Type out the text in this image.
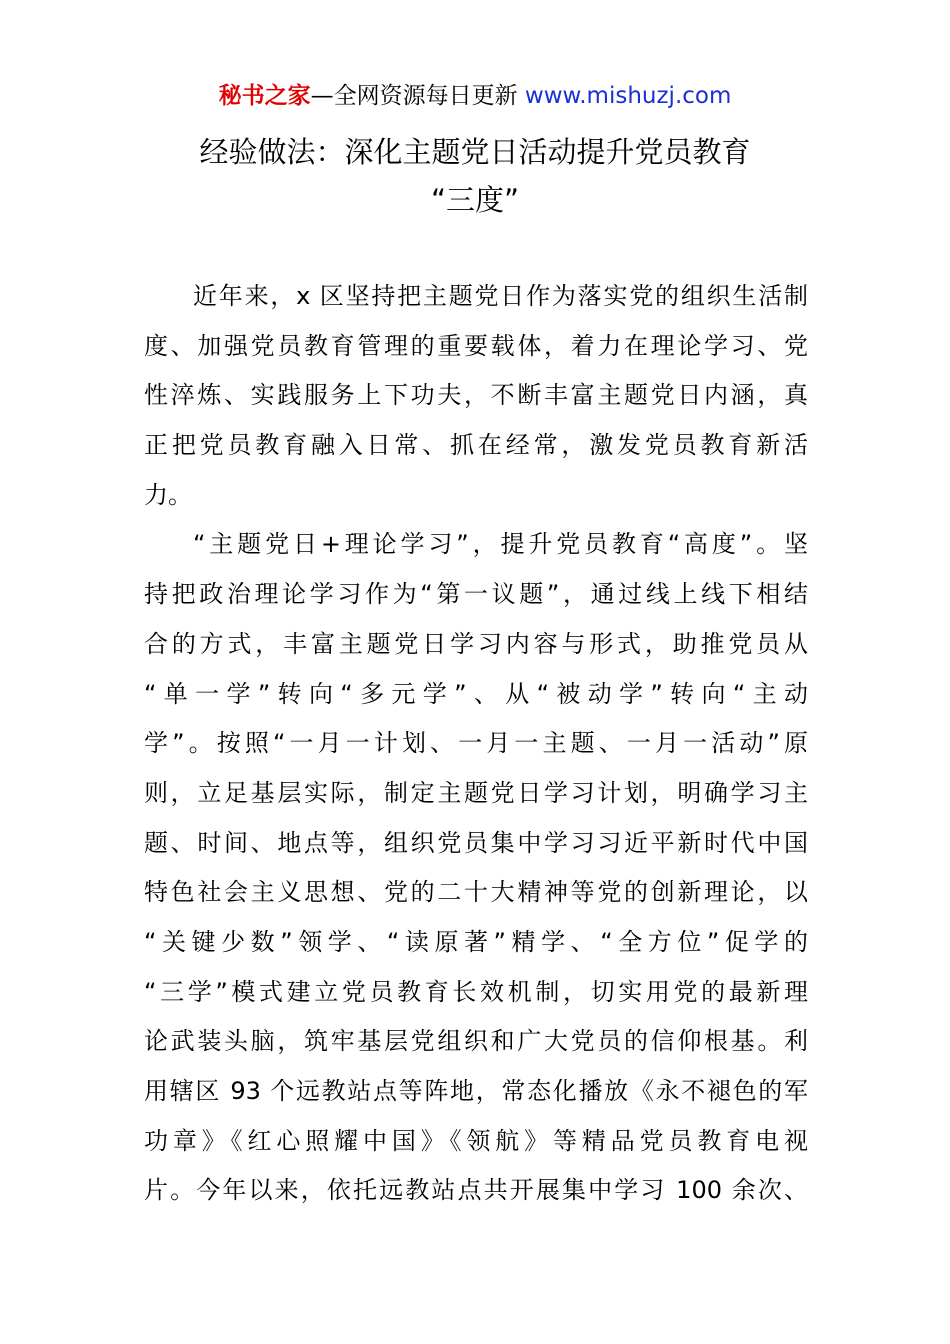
秘书之家—全网资源每日更新 www.mishuzj.com
经验做法：深化主题党日活动提升党员教育
“三度”
近年来，x 区坚持把主题党日作为落实党的组织生活制
度、加强党员教育管理的重要载体，着力在理论学习、党
性淬炼、实践服务上下功夫，不断丰富主题党日内涵，真
正把党员教育融入日常、抓在经常，激发党员教育新活
力。
“主题党日+理论学习”，提升党员教育“高度”。坚
持把政治理论学习作为“第一议题”，通过线上线下相结
合的方式，丰富主题党日学习内容与形式，助推党员从
“单一学”转向“多元学”、从“被动学”转向“主动
学”。按照“一月一计划、一月一主题、一月一活动”原
则，立足基层实际，制定主题党日学习计划，明确学习主
题、时间、地点等，组织党员集中学习习近平新时代中国
特色社会主义思想、党的二十大精神等党的创新理论，以
“关键少数”领学、“读原著”精学、“全方位”促学的
“三学”模式建立党员教育长效机制，切实用党的最新理
论武装头脑，筑牢基层党组织和广大党员的信仰根基。利
用辖区 93 个远教站点等阵地，常态化播放《永不褪色的军
功章》《红心照耀中国》《领航》等精品党员教育电视
片。今年以来，依托远教站点共开展集中学习 100 余次、
